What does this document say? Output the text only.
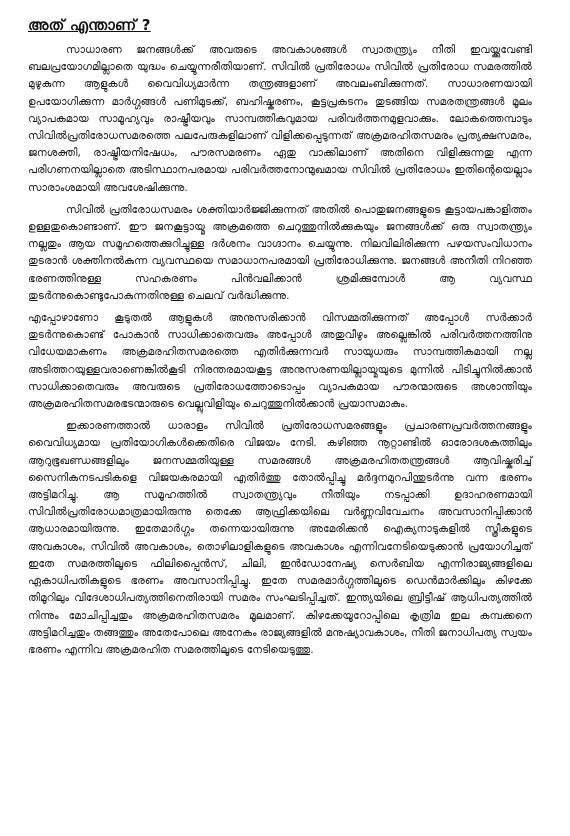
അത് എന്താണ് ?

സാധാരണ ജനങ്ങള്‍ക്ക് അവരുടെ അവകാശങ്ങള്‍ സ്വാതന്ത്ര്യം നീതി ഇവയ്ക്കുവേണ്ടി ബലപ്രയോഗമില്ലാതെ യുദ്ധം ചെയ്യുന്നരീതിയാണ്. സിവില്‍ പ്രതിരോധം സിവില്‍ പ്രതിരോധ സമരത്തില്‍ മുഴുകുന്ന ആളുകള്‍ വൈവിധ്യമാര്‍ന്ന തന്ത്രങ്ങളാണ് അവലംബിക്കുന്നത്. സാധാരണയായി ഉപയോഗിക്കുന്ന മാര്‍ഗ്ഗങ്ങള്‍ പണിമുടക്ക്, ബഹിഷ്കരണം, കൂട്ടപ്രകടനം തുടങ്ങിയ സമരതന്ത്രങ്ങള്‍ മൂലം വ്യാപകമായ സാമൂഹ്യവും രാഷ്ട്രീയവും സാമ്പത്തികവുമായ പരിവര്‍ത്തനമുളവാക്കും. ലോകത്തെമ്പാടും സിവില്‍പ്രതിരോധസമരത്തെ പലപേരുകളിലാണ് വിളിക്കപ്പെടുന്നത് അക്രമരഹിതസമരം പ്രത്യക്ഷസമരം, ജനശക്തി, രാഷ്ട്രീയനിഷേധം, പൗരസമരണം ഏതു വാക്കിലാണ് അതിനെ വിളിക്കുന്നതു എന്ന പരിഗണനയില്ലാതെ അടിസ്ഥാനപരമായ പരിവര്‍ത്തനോന്മുഖമായ സിവില്‍ പ്രതിരോധം ഇതിന്റെയെല്ലാം സാരാംശമായി അവശേഷിക്കുന്നു.

സിവില്‍ പ്രതിരോധസമരം ശക്തിയാര്‍ജ്ജിക്കുന്നത് അതില്‍ പൊതുജനങ്ങളുടെ കൂട്ടായപങ്കാളിത്തം ഉള്ളതുകൊണ്ടാണ്. ഈ ജനകൂട്ടായ്മ അക്രമത്തെ ചെറുത്തുനില്‍ക്കുകയും ജനങ്ങള്‍ക്ക് ഒരു സ്വാതന്ത്ര്യം നല്ലതും ആയ സമൂഹത്തെക്കുറിച്ചുള്ള ദര്‍ശനം വാഗ്ദാനം ചെയ്യുന്നു. നിലവിലിരിക്കുന്ന പഴയസംവിധാനം തുടരാന്‍ ശക്തിനല്‍കുന്ന വ്യവസ്ഥയെ സമാധാനപരമായി പ്രതിരോധിക്കുന്നു. ജനങ്ങള്‍ അനീതി നിറഞ്ഞ ഭരണത്തിനുള്ള സഹകരണം പിന്‍വലിക്കാന്‍ ശ്രമിക്കുമ്പോള്‍ ആ വ്യവസ്ഥ തുടര്‍ന്നുകൊണ്ടുപോകുന്നതിനുള്ള ചെലവ് വര്‍ദ്ധിക്കുന്നു.

എപ്പോഴാണോ കൂടുതല്‍ ആളുകള്‍ അനുസരിക്കാന്‍ വിസമ്മതിക്കുന്നത് അപ്പോള്‍ സര്‍ക്കാര്‍ തുടര്‍ന്നുകൊണ്ട് പോകാന്‍ സാധിക്കാതെവരും അപ്പോള്‍ അതുവീഴും അല്ലെങ്കില്‍ പരിവര്‍ത്തനത്തിനു വിധേയമാകണം അക്രമരഹിതസമരത്തെ എതിര്‍ക്കുന്നവര്‍ സായുധരും സാമ്പത്തികമായി നല്ല അടിത്തറയുള്ളവരാണെങ്കില്‍കൂടി നിരന്തരമായകൂട്ട അനുസരണയില്ലായ്മയുടെ മുന്നില്‍ പിടിച്ചുനില്‍ക്കാന്‍ സാധിക്കാതെവരും അവരുടെ പ്രതിരോധത്തോടൊപ്പം വ്യാപകമായ പൗരന്മാരുടെ അശാന്തിയും അക്രമരഹിതസമരഭടന്മാരുടെ വെല്ലുവിളിയും ചെറുത്തുനില്‍ക്കാന്‍ പ്രയാസമാകും.

ഇക്കാരണത്താല്‍ ധാരാളം സിവില്‍ പ്രതിരോധസമരങ്ങളും പ്രചാരണപ്രവര്‍ത്തനങ്ങളും വൈവിധ്യമായ പ്രതിയോഗികള്‍ക്കെതിരെ വിജയം നേടി. കഴിഞ്ഞ നൂറ്റാണ്ടില്‍ ഓരോദശകത്തിലും ആറുഭൂഖണ്ഡങ്ങളിലും ജനസമ്മതിയുള്ള സമരങ്ങള്‍ അക്രമരഹിതതന്ത്രങ്ങള്‍ ആവിഷ്കരിച്ച് സൈനികനടപടികളെ വിജയകരമായി എതിര്‍ത്തു തോല്‍പ്പിച്ചു മര്‍ദ്ദനമുറപിന്തുടര്‍ന്നു വന്ന ഭരണം അട്ടിമറിച്ചു. ആ സമൂഹത്തില്‍ സ്വാതന്ത്ര്യവും നീതിയും നടപ്പാക്കി ഉദാഹരണമായി സിവില്‍പ്രതിരോധമാത്രമായിരുന്നു തെക്കേ ആഫ്രിക്കയിലെ വര്‍ണ്ണവിവേചനം അവസാനിപ്പിക്കാന്‍ ആധാരമായിരുന്നു. ഇതേമാര്‍ഗ്ഗം തന്നെയായിരുന്നു അമേരിക്കന്‍ ഐക്യനാടുകളില്‍ സ്ത്രീകളുടെ അവകാശം, സിവില്‍ അവകാശം, തൊഴിലാളികളുടെ അവകാശം എന്നിവനേടിയെടുക്കാന്‍ പ്രയോഗിച്ചത് ഇതേ സമരത്തിലൂടെ ഫിലിപ്പൈന്‍സ്, ചിലി, ഇന്‍ഡോനേഷ്യ സെര്‍ബിയ എന്നിരാജ്യങ്ങളിലെ ഏകാധിപതികളുടെ ഭരണം അവസാനിപ്പിച്ചു. ഇതേ സമരമാര്‍ഗ്ഗത്തിലൂടെ ഡെന്‍മാര്‍ക്കിലും കിഴക്കേ തിമൂറിലും വിദേശാധിപത്യത്തിനെതിരായി സമരം സംഘടിപ്പിച്ചത്. ഇന്ത്യയിലെ ബ്രിട്ടീഷ് ആധിപത്യത്തില്‍ നിന്നും മോചിപ്പിച്ചതും അക്രമരഹിതസമരം മൂലമാണ്. കിഴക്കേയൂറോപ്പിലെ കൃത്രിമ ഇല കമ്പക്കനെ അട്ടിമറിച്ചതും തങ്ങത്തും അതേപോലെ അനേകം രാജ്യങ്ങളില്‍ മനുഷ്യാവകാശം, നീതി ജനാധിപത്യ സ്വയം ഭരണം എന്നിവ അക്രമരഹിത സമരത്തിലൂടെ നേടിയെടുത്തു.
